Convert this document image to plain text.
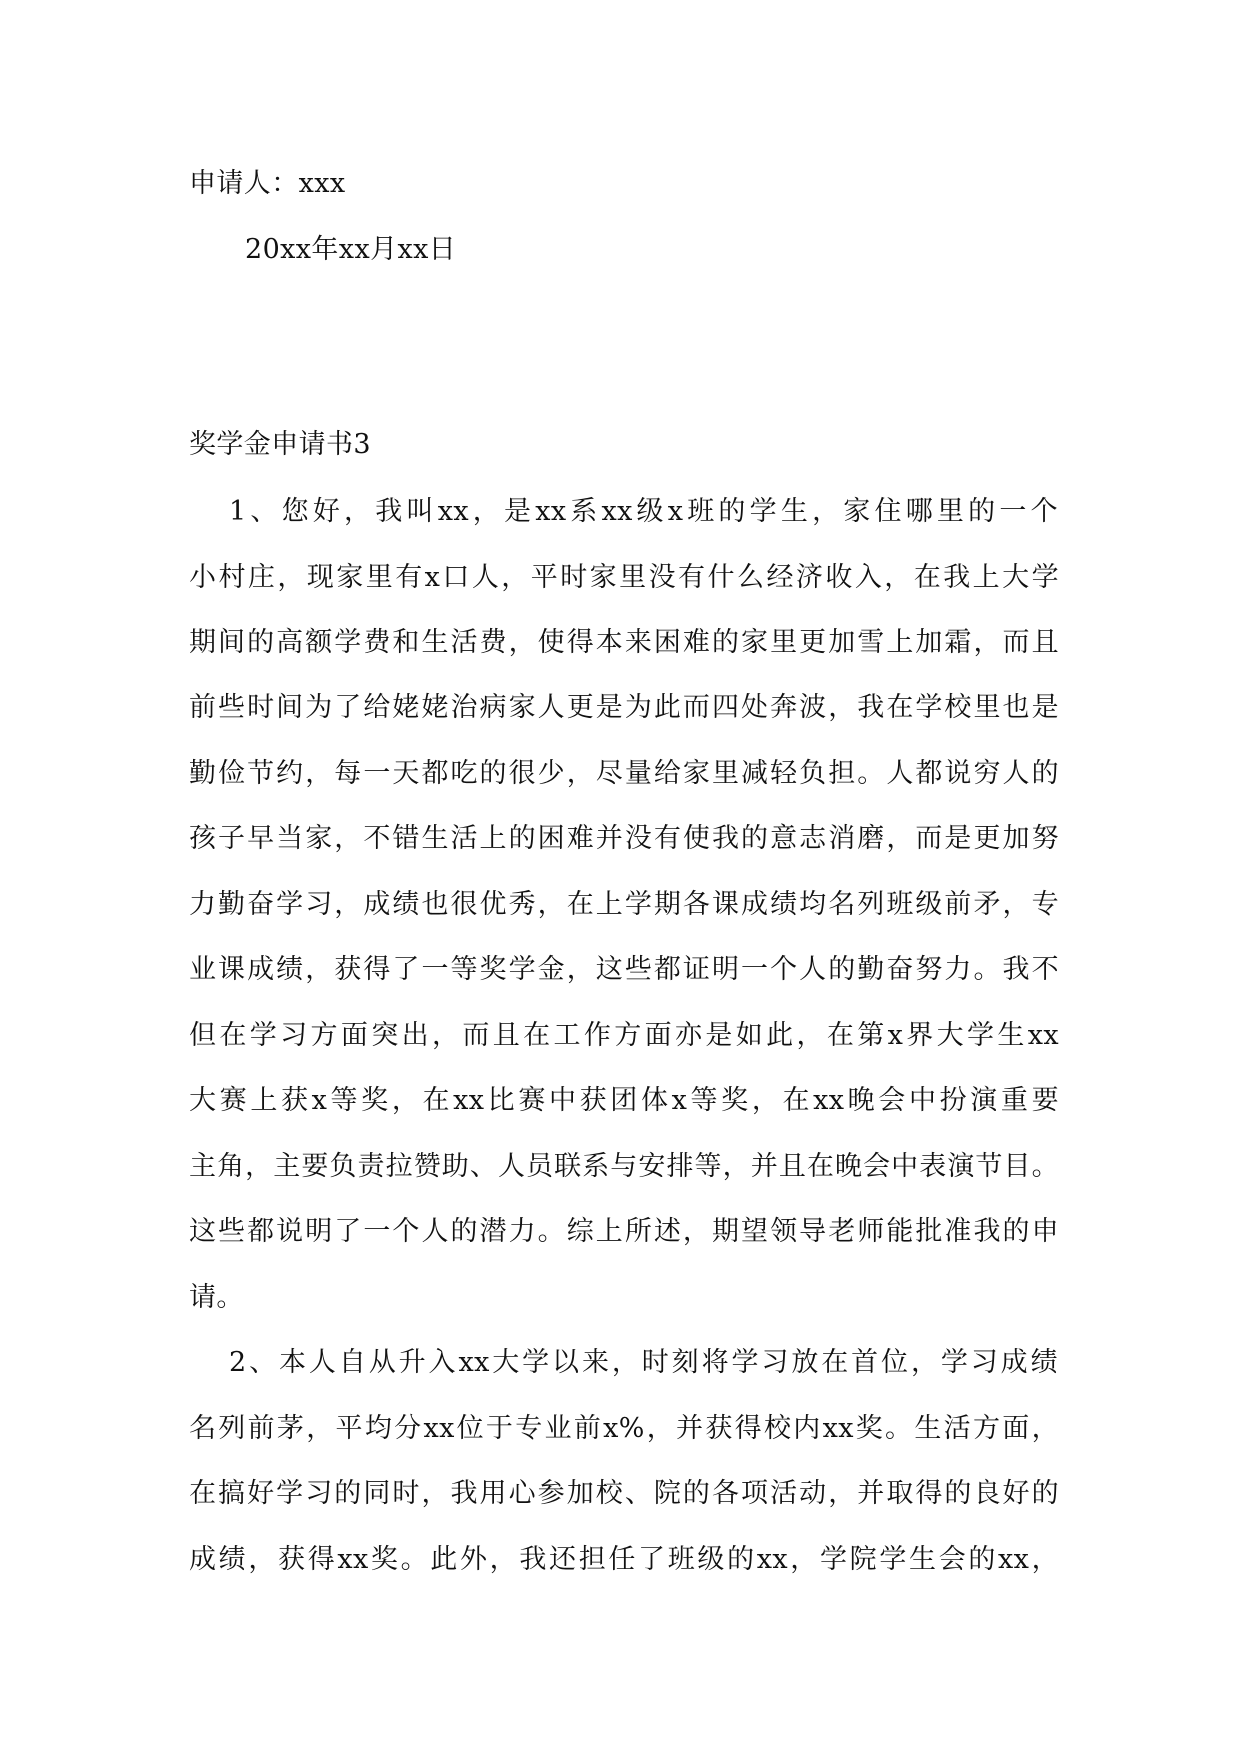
申请人：xxx
20xx年xx月xx日
奖学金申请书3
1、您好，我叫xx，是xx系xx级x班的学生，家住哪里的一个
小村庄，现家里有x口人，平时家里没有什么经济收入，在我上大学
期间的高额学费和生活费，使得本来困难的家里更加雪上加霜，而且
前些时间为了给姥姥治病家人更是为此而四处奔波，我在学校里也是
勤俭节约，每一天都吃的很少，尽量给家里减轻负担。人都说穷人的
孩子早当家，不错生活上的困难并没有使我的意志消磨，而是更加努
力勤奋学习，成绩也很优秀，在上学期各课成绩均名列班级前矛，专
业课成绩，获得了一等奖学金，这些都证明一个人的勤奋努力。我不
但在学习方面突出，而且在工作方面亦是如此，在第x界大学生xx
大赛上获x等奖，在xx比赛中获团体x等奖，在xx晚会中扮演重要
主角，主要负责拉赞助、人员联系与安排等，并且在晚会中表演节目。
这些都说明了一个人的潜力。综上所述，期望领导老师能批准我的申
请。
2、本人自从升入xx大学以来，时刻将学习放在首位，学习成绩
名列前茅，平均分xx位于专业前x%，并获得校内xx奖。生活方面，
在搞好学习的同时，我用心参加校、院的各项活动，并取得的良好的
成绩，获得xx奖。此外，我还担任了班级的xx，学院学生会的xx，
